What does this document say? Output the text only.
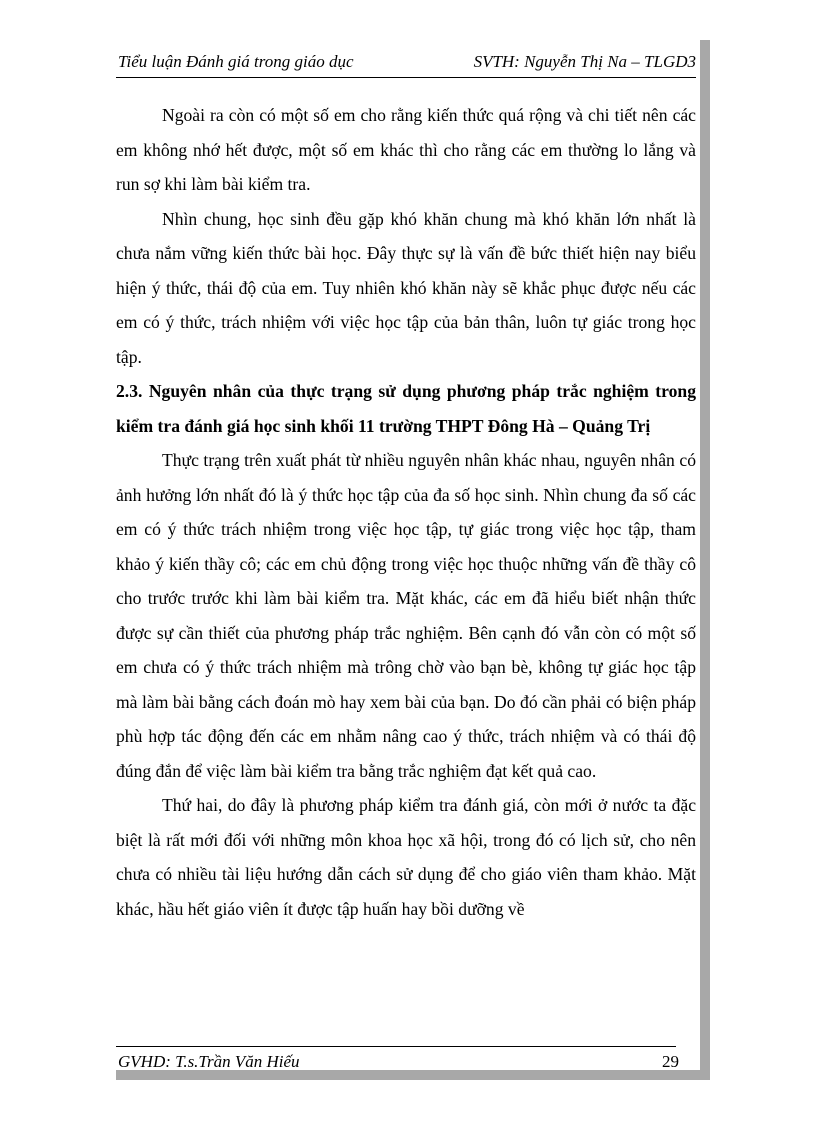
Tiểu luận Đánh giá trong giáo dục	SVTH: Nguyễn Thị Na – TLGD3

Ngoài ra còn có một số em cho rằng kiến thức quá rộng và chi tiết nên các em không nhớ hết được, một số em khác thì cho rằng các em thường lo lắng và run sợ khi làm bài kiểm tra.

Nhìn chung, học sinh đều gặp khó khăn chung mà khó khăn lớn nhất là chưa nắm vững kiến thức bài học. Đây thực sự là vấn đề bức thiết hiện nay biểu hiện ý thức, thái độ của em. Tuy nhiên khó khăn này sẽ khắc phục được nếu các em có ý thức, trách nhiệm với việc học tập của bản thân, luôn tự giác trong học tập.

2.3. Nguyên nhân của thực trạng sử dụng phương pháp trắc nghiệm trong kiểm tra đánh giá học sinh khối 11 trường THPT Đông Hà – Quảng Trị

Thực trạng trên xuất phát từ nhiều nguyên nhân khác nhau, nguyên nhân có ảnh hưởng lớn nhất đó là ý thức học tập của đa số học sinh. Nhìn chung đa số các em có ý thức trách nhiệm trong việc học tập, tự giác trong việc học tập, tham khảo ý kiến thầy cô; các em chủ động trong việc học thuộc những vấn đề thầy cô cho trước trước khi làm bài kiểm tra. Mặt khác, các em đã hiểu biết nhận thức được sự cần thiết của phương pháp trắc nghiệm. Bên cạnh đó vẫn còn có một số em chưa có ý thức trách nhiệm mà trông chờ vào bạn bè, không tự giác học tập mà làm bài bằng cách đoán mò hay xem bài của bạn. Do đó cần phải có biện pháp phù hợp tác động đến các em nhằm nâng cao ý thức, trách nhiệm và có thái độ đúng đắn để việc làm bài kiểm tra bằng trắc nghiệm đạt kết quả cao.

Thứ hai, do đây là phương pháp kiểm tra đánh giá, còn mới ở nước ta đặc biệt là rất mới đối với những môn khoa học xã hội, trong đó có lịch sử, cho nên chưa có nhiều tài liệu hướng dẫn cách sử dụng để cho giáo viên tham khảo. Mặt khác, hầu hết giáo viên ít được tập huấn hay bồi dưỡng về

GVHD: T.s.Trần Văn Hiếu	29
